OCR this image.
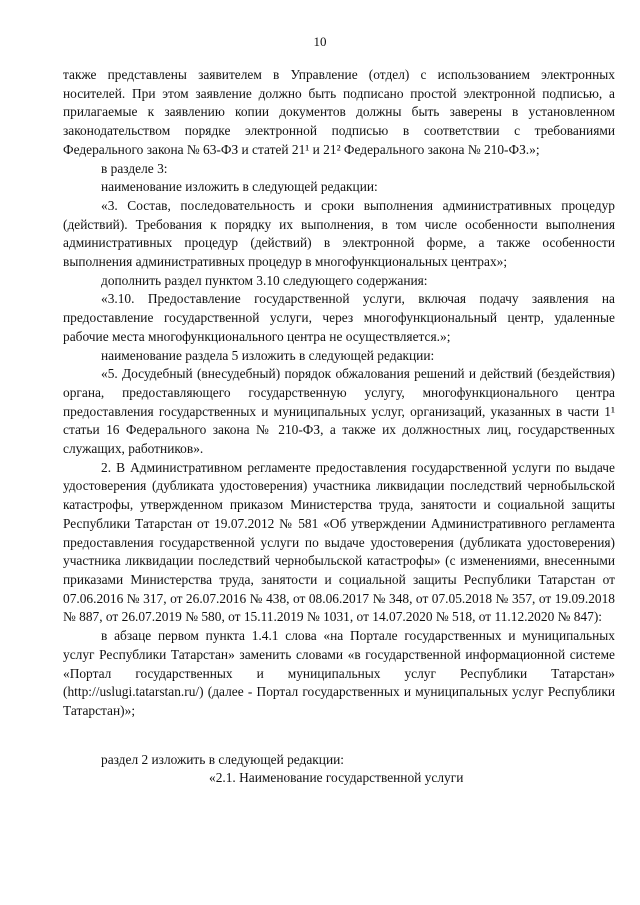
10

также представлены заявителем в Управление (отдел) с использованием электронных носителей. При этом заявление должно быть подписано простой электронной подписью, а прилагаемые к заявлению копии документов должны быть заверены в установленном законодательством порядке электронной подписью в соответствии с требованиями Федерального закона № 63-ФЗ и статей 21¹ и 21² Федерального закона № 210-ФЗ.»;

в разделе 3:

наименование изложить в следующей редакции:

«3. Состав, последовательность и сроки выполнения административных процедур (действий). Требования к порядку их выполнения, в том числе особенности выполнения административных процедур (действий) в электронной форме, а также особенности выполнения административных процедур в многофункциональных центрах»;

дополнить раздел пунктом 3.10 следующего содержания:

«3.10. Предоставление государственной услуги, включая подачу заявления на предоставление государственной услуги, через многофункциональный центр, удаленные рабочие места многофункционального центра не осуществляется.»;

наименование раздела 5 изложить в следующей редакции:

«5. Досудебный (внесудебный) порядок обжалования решений и действий (бездействия) органа, предоставляющего государственную услугу, многофункционального центра предоставления государственных и муниципальных услуг, организаций, указанных в части 1¹ статьи 16 Федерального закона № 210-ФЗ, а также их должностных лиц, государственных служащих, работников».

2. В Административном регламенте предоставления государственной услуги по выдаче удостоверения (дубликата удостоверения) участника ликвидации последствий чернобыльской катастрофы, утвержденном приказом Министерства труда, занятости и социальной защиты Республики Татарстан от 19.07.2012 № 581 «Об утверждении Административного регламента предоставления государственной услуги по выдаче удостоверения (дубликата удостоверения) участника ликвидации последствий чернобыльской катастрофы» (с изменениями, внесенными приказами Министерства труда, занятости и социальной защиты Республики Татарстан от 07.06.2016 № 317, от 26.07.2016 № 438, от 08.06.2017 № 348, от 07.05.2018 № 357, от 19.09.2018 № 887, от 26.07.2019 № 580, от 15.11.2019 № 1031, от 14.07.2020 № 518, от 11.12.2020 № 847):

в абзаце первом пункта 1.4.1 слова «на Портале государственных и муниципальных услуг Республики Татарстан» заменить словами «в государственной информационной системе «Портал государственных и муниципальных услуг Республики Татарстан» (http://uslugi.tatarstan.ru/) (далее - Портал государственных и муниципальных услуг Республики Татарстан)»;

раздел 2 изложить в следующей редакции:

«2.1. Наименование государственной услуги
